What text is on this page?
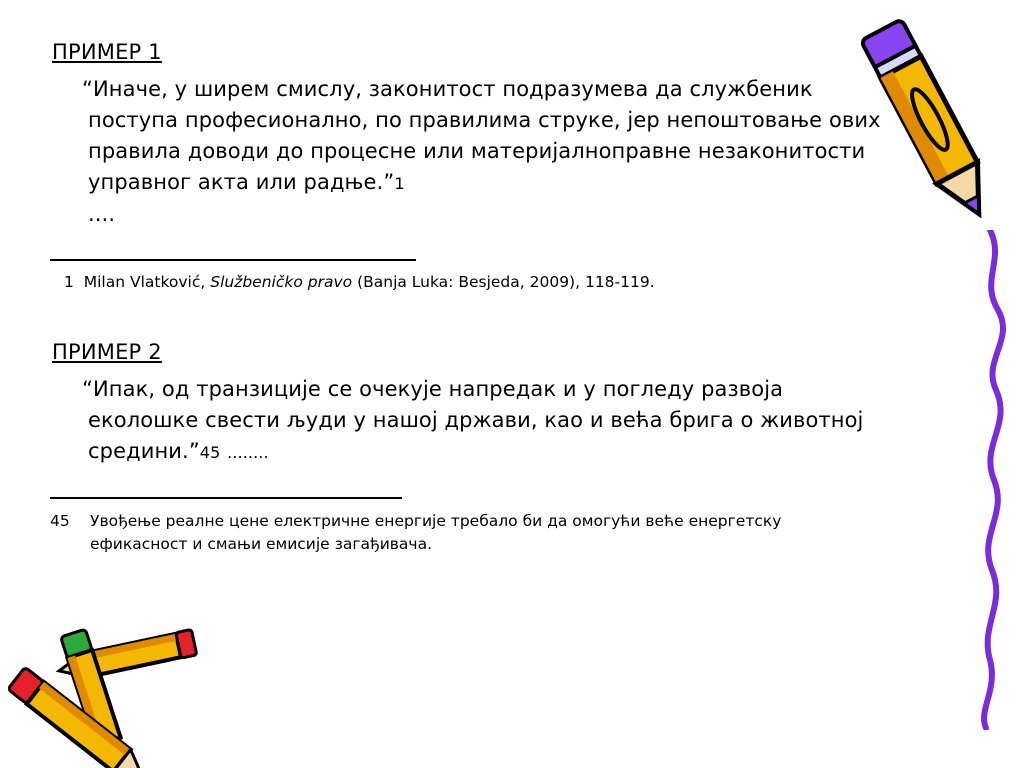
ПРИМЕР 1
“Иначе, у ширем смислу, законитост подразумева да службеник поступа професионално, по правилима струке, јер непоштовање ових правила доводи до процесне или материјалноправне незаконитости управног акта или радње.”1
....
1 Milan Vlatković, Službeničko pravo (Banja Luka: Besjeda, 2009), 118-119.
ПРИМЕР 2
“Ипак, од транзиције се очекује напредак и у погледу развоја еколошке свести људи у нашој држави, као и већа брига о животној средини.”45 ........
45 Увођење реалне цене електричне енергије требало би да омогући веће енергетску
ефикасност и смањи емисије загађивача.
